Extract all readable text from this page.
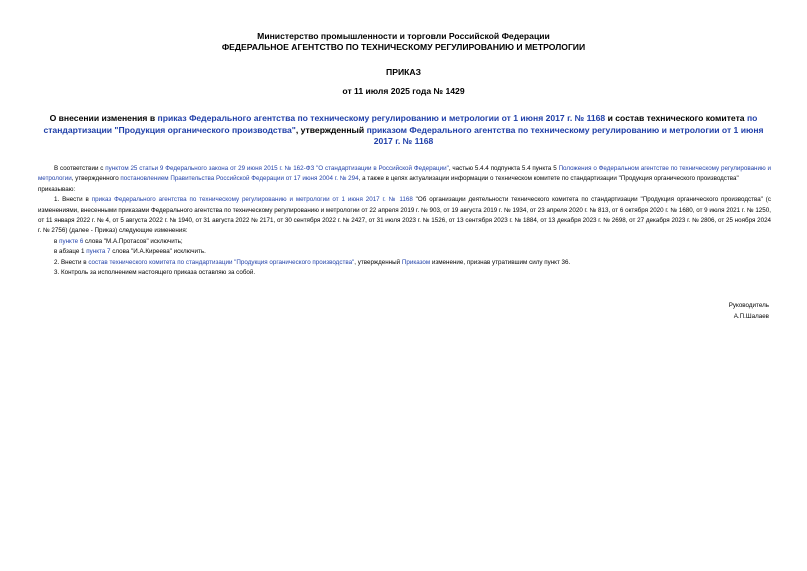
Министерство промышленности и торговли Российской Федерации
ФЕДЕРАЛЬНОЕ АГЕНТСТВО ПО ТЕХНИЧЕСКОМУ РЕГУЛИРОВАНИЮ И МЕТРОЛОГИИ
ПРИКАЗ
от 11 июля 2025 года № 1429
О внесении изменения в приказ Федерального агентства по техническому регулированию и метрологии от 1 июня 2017 г. № 1168 и состав технического комитета по стандартизации "Продукция органического производства", утвержденный приказом Федерального агентства по техническому регулированию и метрологии от 1 июня 2017 г. № 1168

В соответствии с пунктом 25 статьи 9 Федерального закона от 29 июня 2015 г. № 162-ФЗ "О стандартизации в Российской Федерации", частью 5.4.4 подпункта 5.4 пункта 5 Положения о Федеральном агентстве по техническому регулированию и метрологии, утвержденного постановлением Правительства Российской Федерации от 17 июня 2004 г. № 294, а также в целях актуализации информации о техническом комитете по стандартизации "Продукция органического производства"

приказываю:

1. Внести в приказ Федерального агентства по техническому регулированию и метрологии от 1 июня 2017 г. № 1168 "Об организации деятельности технического комитета по стандартизации "Продукция органического производства" (с изменениями, внесенными приказами Федерального агентства по техническому регулированию и метрологии от 22 апреля 2019 г. № 903, от 19 августа 2019 г. № 1934, от 23 апреля 2020 г. № 813, от 6 октября 2020 г. № 1680, от 9 июля 2021 г. № 1250, от 11 января 2022 г. № 4, от 5 августа 2022 г. № 1940, от 31 августа 2022 № 2171, от 30 сентября 2022 г. № 2427, от 31 июля 2023 г. № 1526, от 13 сентября 2023 г. № 1884, от 13 декабря 2023 г. № 2698, от 27 декабря 2023 г. № 2806, от 25 ноября 2024 г. № 2756) (далее - Приказ) следующие изменения:

в пункте 6 слова "М.А.Протасов" исключить;

в абзаце 1 пункта 7 слова "И.А.Киреева" исключить.

2. Внести в состав технического комитета по стандартизации "Продукция органического производства", утвержденный Приказом изменение, признав утратившим силу пункт 36.

3. Контроль за исполнением настоящего приказа оставляю за собой.

Руководитель
А.П.Шалаев
